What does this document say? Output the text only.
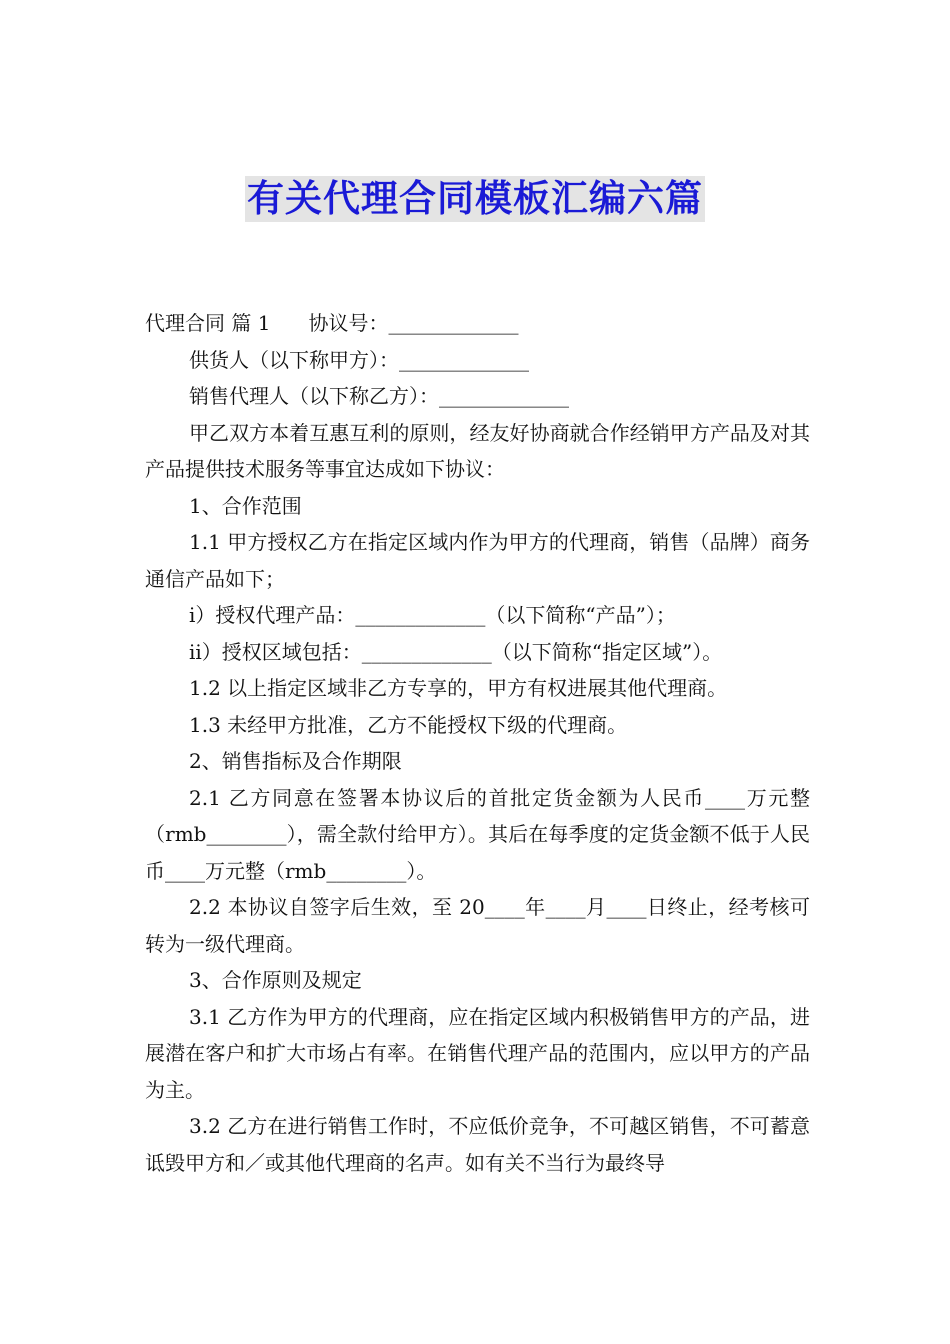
有关代理合同模板汇编六篇

代理合同 篇 1 协议号：_____________

供货人（以下称甲方）：_____________

销售代理人（以下称乙方）：_____________

甲乙双方本着互惠互利的原则，经友好协商就合作经销甲方产品及对其产品提供技术服务等事宜达成如下协议：

1、合作范围

1.1 甲方授权乙方在指定区域内作为甲方的代理商，销售（品牌）商务通信产品如下；

i）授权代理产品：_____________（以下简称“产品”）；

ii）授权区域包括：_____________（以下简称“指定区域”）。

1.2 以上指定区域非乙方专享的，甲方有权进展其他代理商。

1.3 未经甲方批准，乙方不能授权下级的代理商。

2、销售指标及合作期限

2.1 乙方同意在签署本协议后的首批定货金额为人民币____万元整（rmb________），需全款付给甲方）。其后在每季度的定货金额不低于人民币____万元整（rmb________）。

2.2 本协议自签字后生效，至 20____年____月____日终止，经考核可转为一级代理商。

3、合作原则及规定

3.1 乙方作为甲方的代理商，应在指定区域内积极销售甲方的产品，进展潜在客户和扩大市场占有率。在销售代理产品的范围内，应以甲方的产品为主。

3.2 乙方在进行销售工作时，不应低价竞争，不可越区销售，不可蓄意诋毁甲方和／或其他代理商的名声。如有关不当行为最终导
